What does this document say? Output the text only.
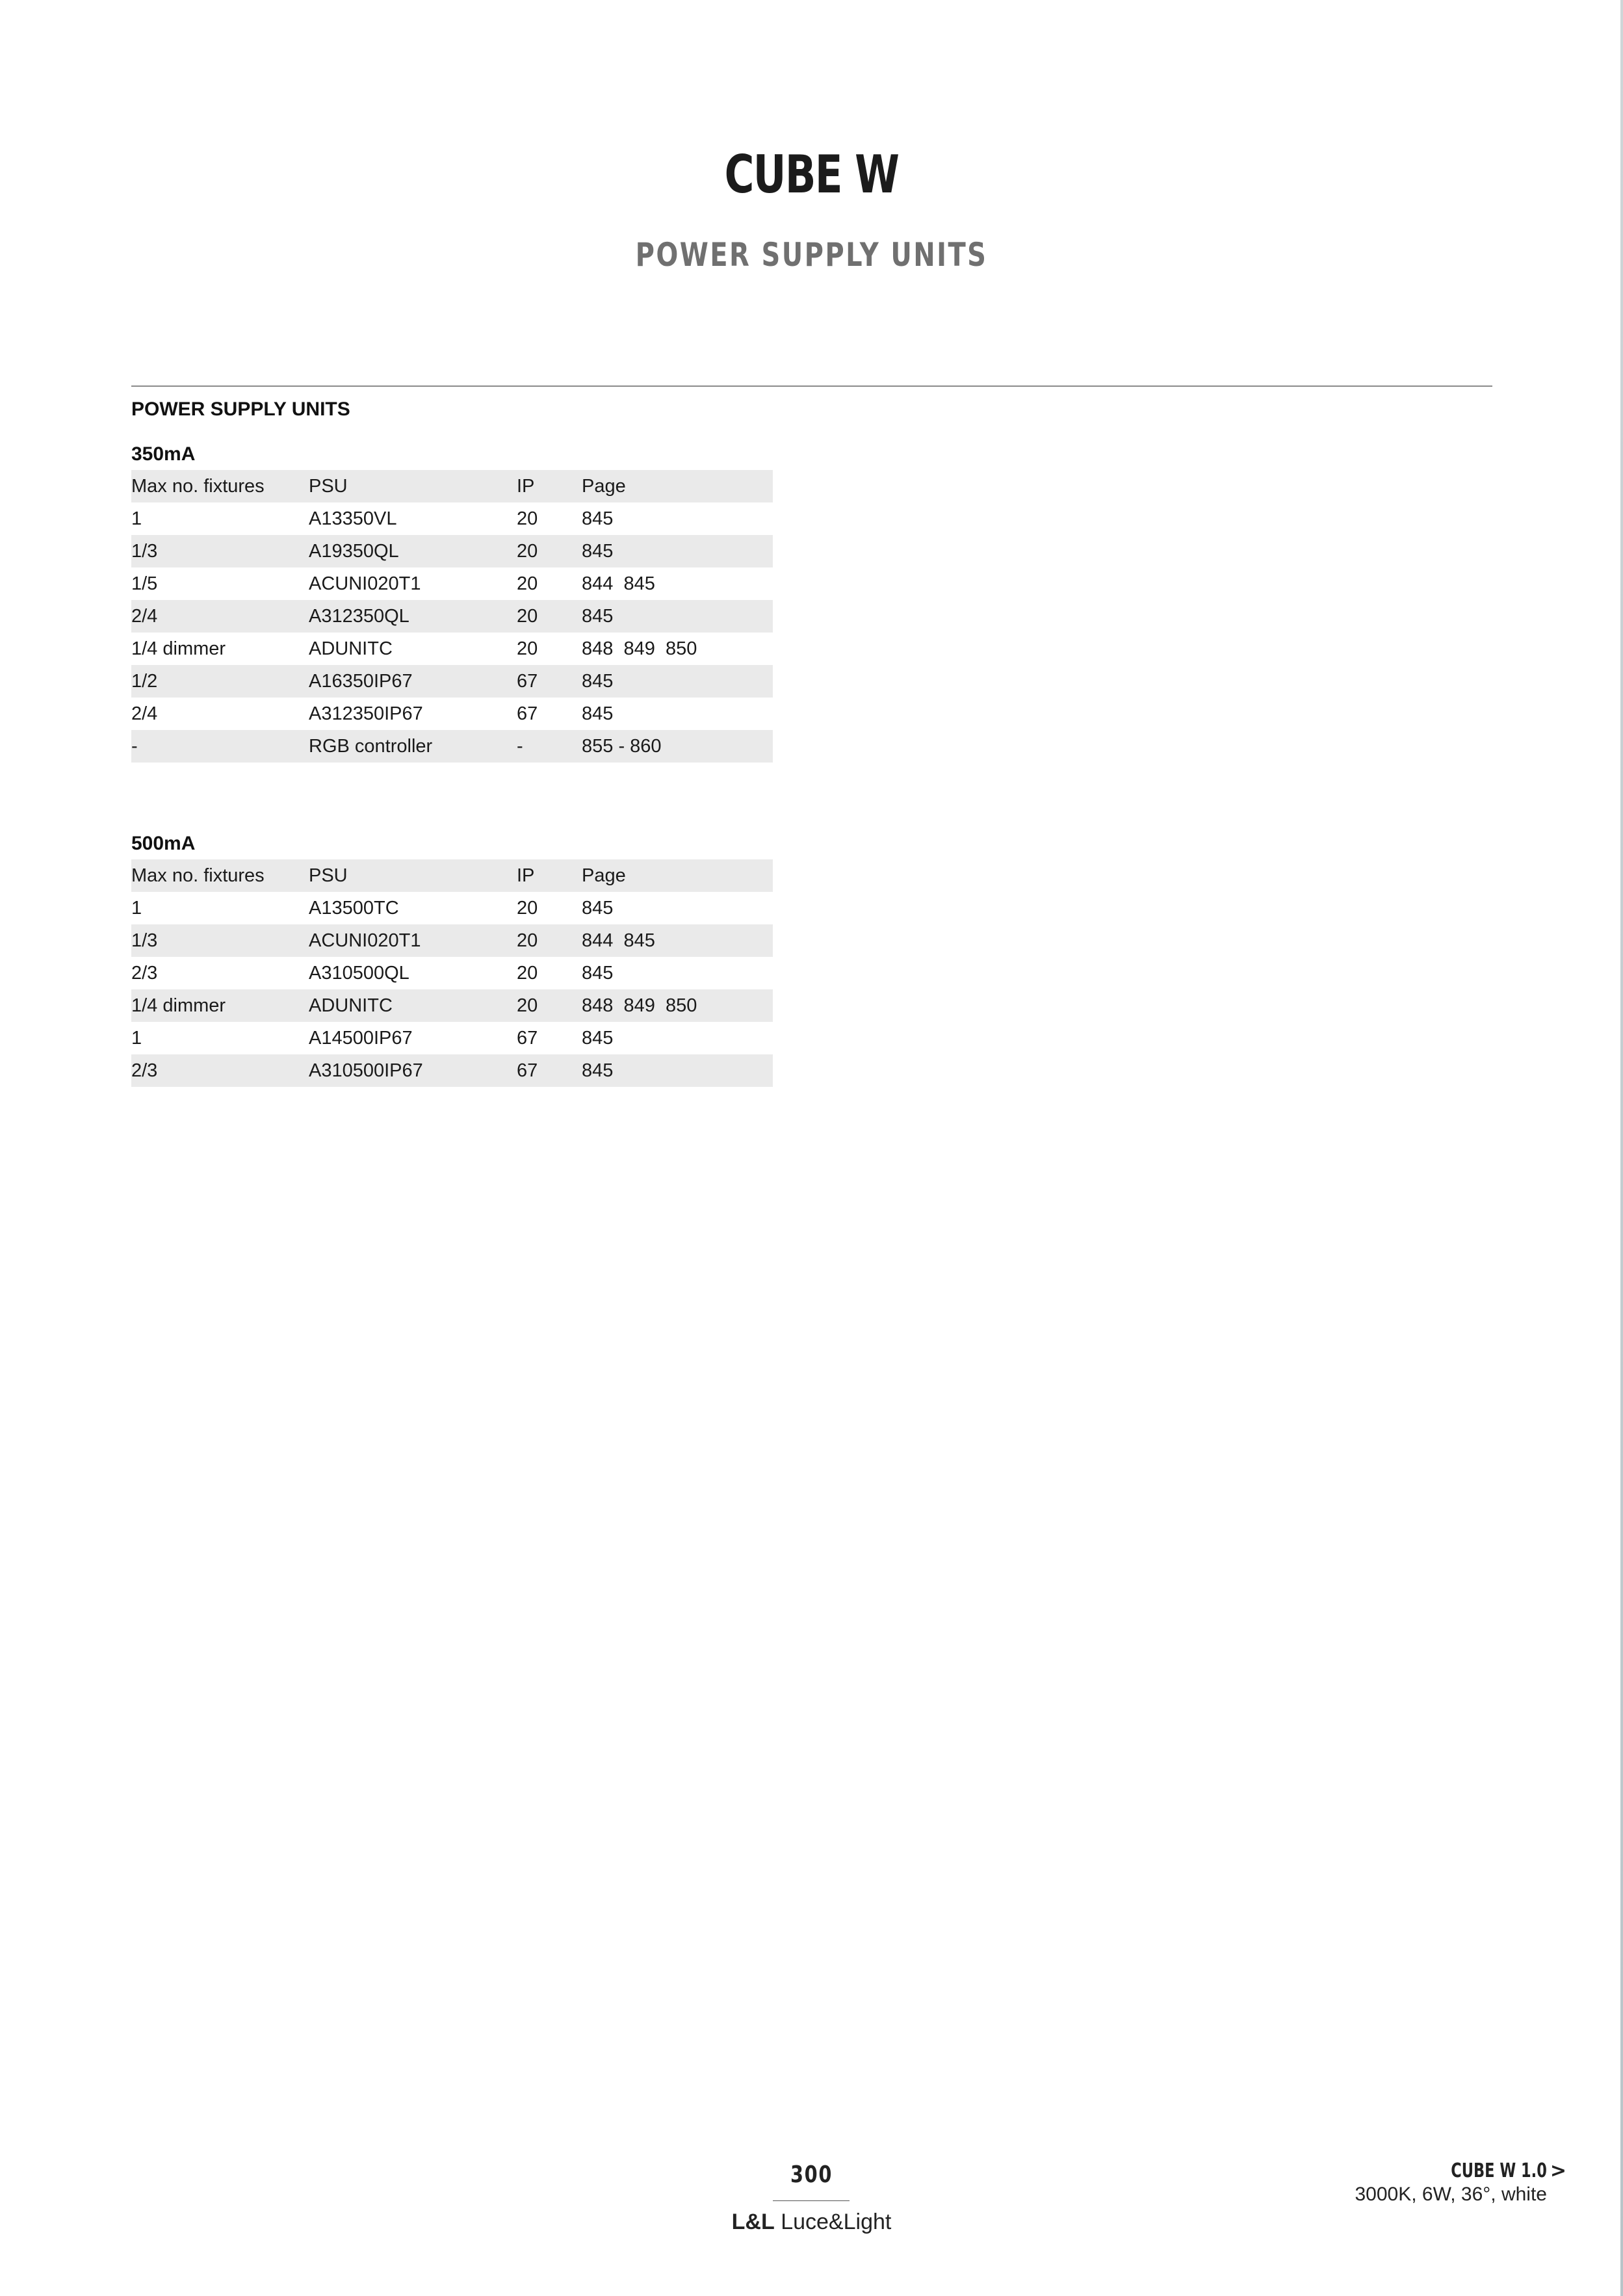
CUBE W
POWER SUPPLY UNITS
POWER SUPPLY UNITS
350mA
Max no. fixtures	PSU	IP	Page
1	A13350VL	20	845
1/3	A19350QL	20	845
1/5	ACUNI020T1	20	844  845
2/4	A312350QL	20	845
1/4 dimmer	ADUNITC	20	848  849  850
1/2	A16350IP67	67	845
2/4	A312350IP67	67	845
-	RGB controller	-	855 - 860
500mA
Max no. fixtures	PSU	IP	Page
1	A13500TC	20	845
1/3	ACUNI020T1	20	844  845
2/3	A310500QL	20	845
1/4 dimmer	ADUNITC	20	848  849  850
1	A14500IP67	67	845
2/3	A310500IP67	67	845
300
L&L Luce&Light
CUBE W 1.0 >
3000K, 6W, 36°, white
